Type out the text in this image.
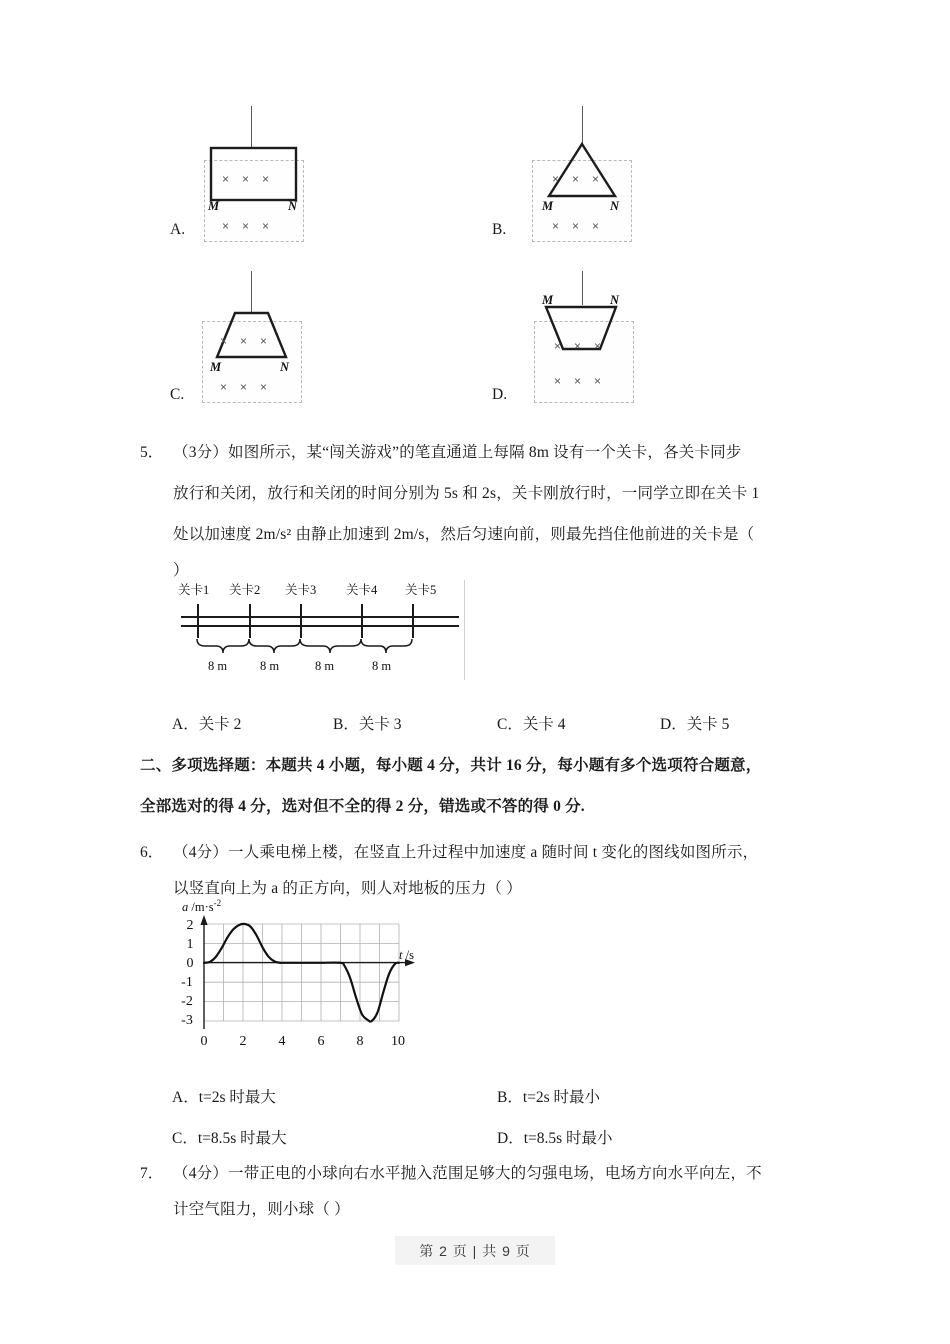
A.
× × ×
M	N
× × ×	B.
× × ×
M	N
× × ×
C.
× × ×
M	N
× × ×	D.
M	N
× × ×
× × ×
5． （3分）如图所示，某“闯关游戏”的笔直通道上每隔 8m 设有一个关卡，各关卡同步
放行和关闭，放行和关闭的时间分别为 5s 和 2s，关卡刚放行时，一同学立即在关卡 1
处以加速度 2m/s² 由静止加速到 2m/s，然后匀速向前，则最先挡住他前进的关卡是（
）
关卡1 关卡2 关卡3 关卡4 关卡5
8 m	8 m	8 m	8 m
A．关卡 2	B．关卡 3	C．关卡 4	D．关卡 5
二、多项选择题：本题共 4 小题，每小题 4 分，共计 16 分，每小题有多个选项符合题意，
全部选对的得 4 分，选对但不全的得 2 分，错选或不答的得 0 分.
6． （4分）一人乘电梯上楼，在竖直上升过程中加速度 a 随时间 t 变化的图线如图所示，
以竖直向上为 a 的正方向，则人对地板的压力（ ）
a $/m\cdot s^{-2}$
t /s
2
1
0
-1
-2
-3
0	2	4	6	8	10
A．t=2s 时最大	B．t=2s 时最小
C．t=8.5s 时最大	D．t=8.5s 时最小
7． （4分）一带正电的小球向右水平抛入范围足够大的匀强电场，电场方向水平向左，不
计空气阻力，则小球（ ）
第 2 页 | 共 9 页
